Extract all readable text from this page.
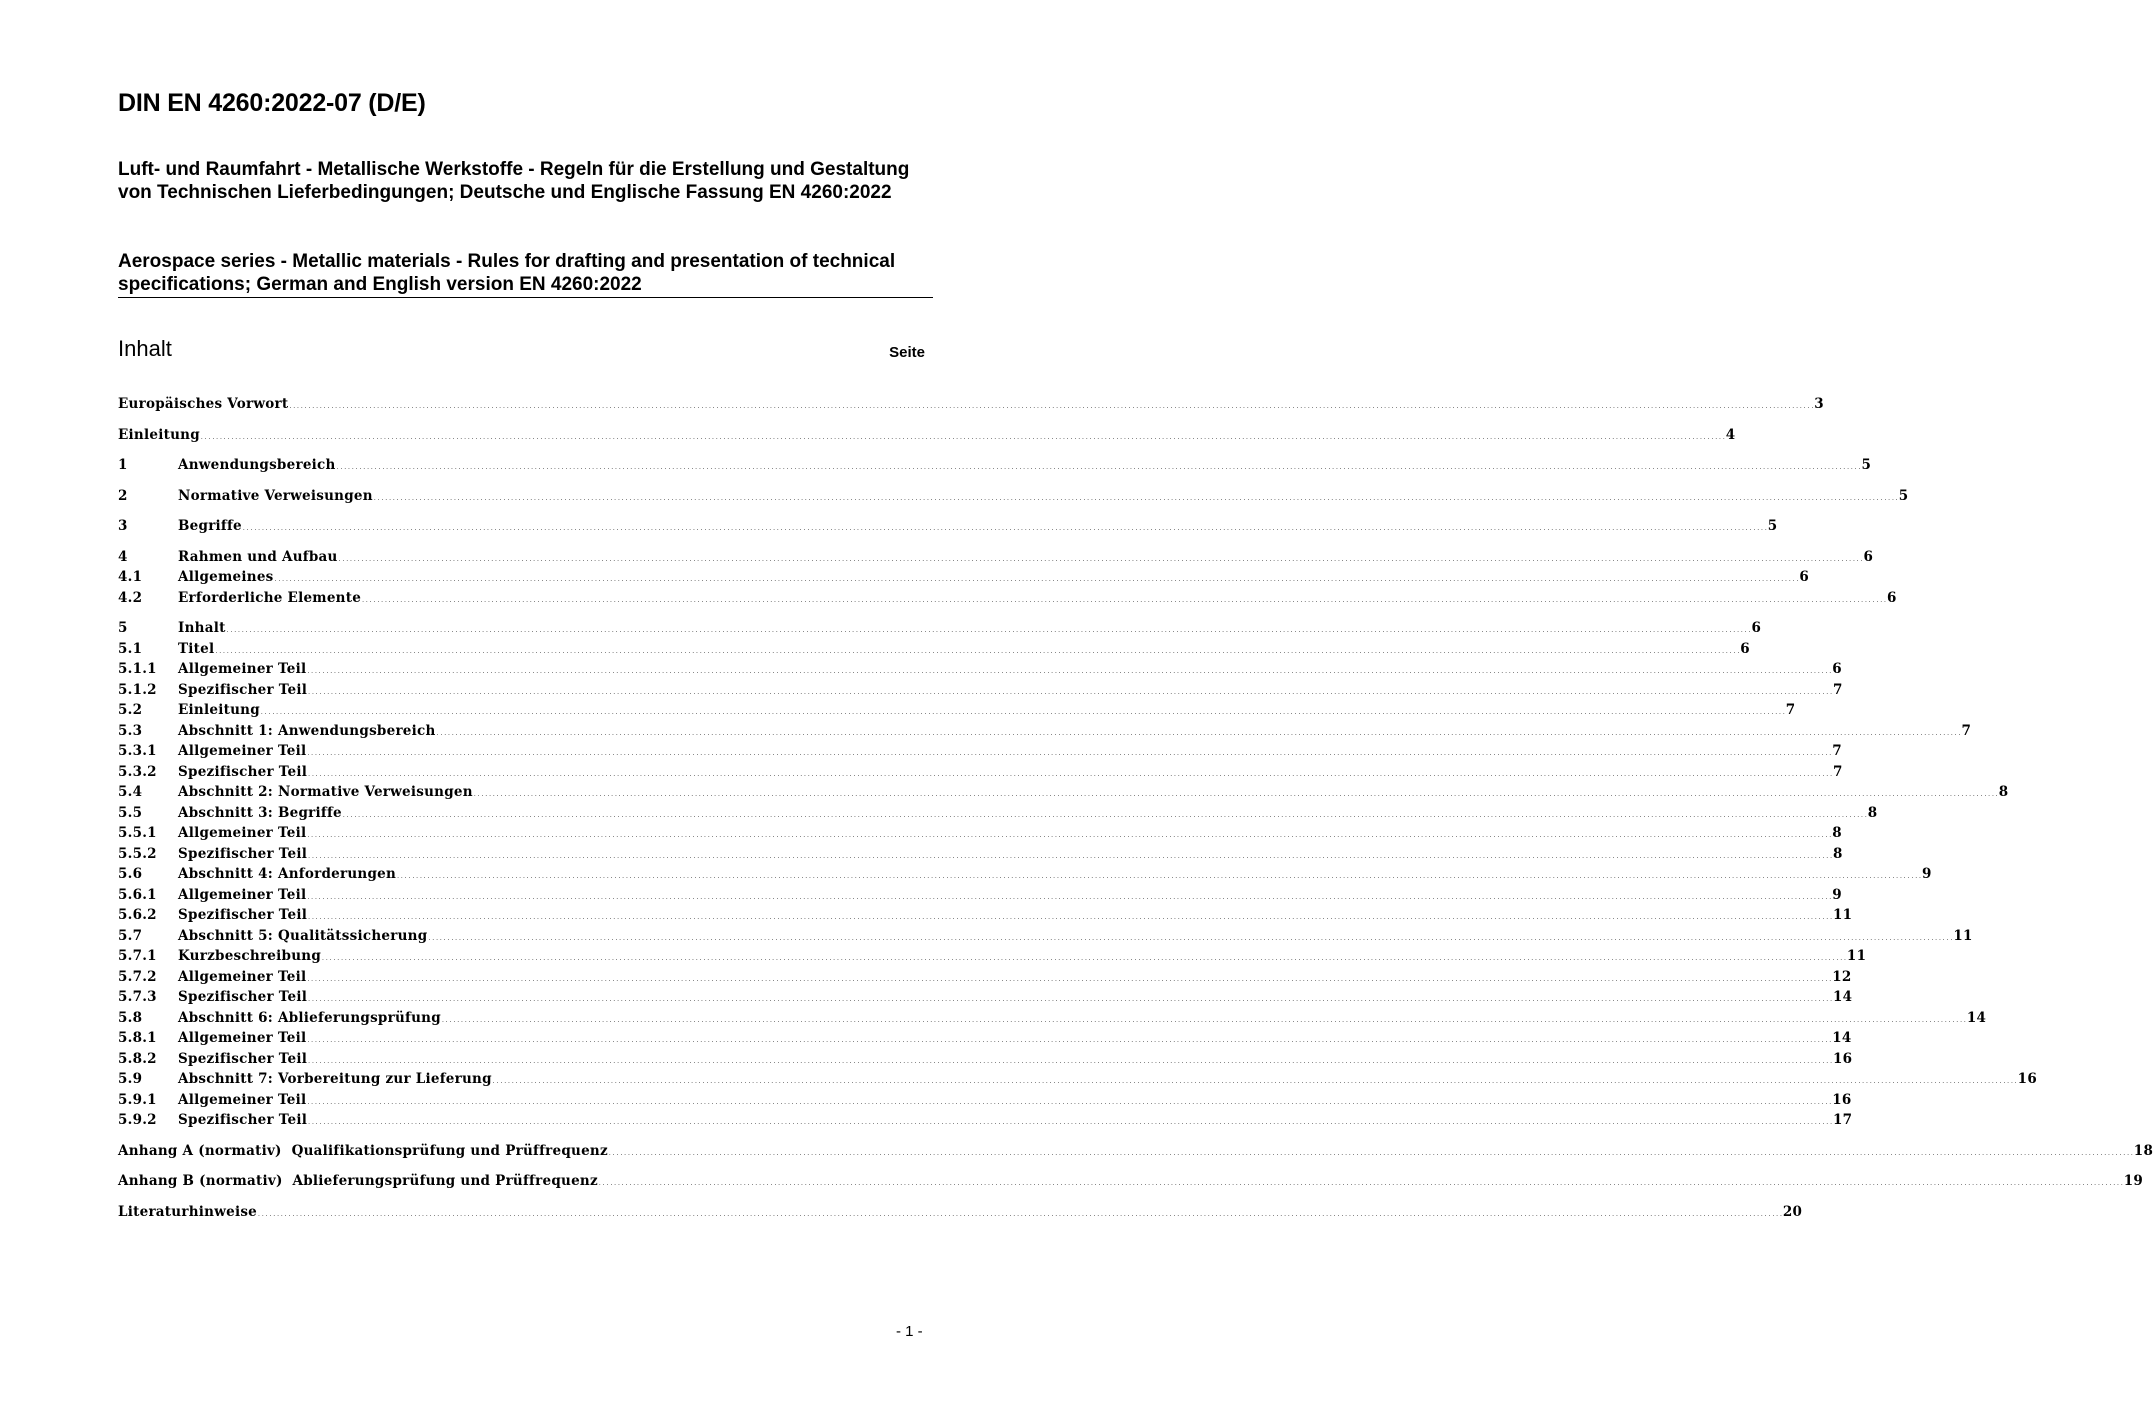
DIN EN 4260:2022-07 (D/E)

Luft- und Raumfahrt - Metallische Werkstoffe - Regeln für die Erstellung und Gestaltung von Technischen Lieferbedingungen; Deutsche und Englische Fassung EN 4260:2022

Aerospace series - Metallic materials - Rules for drafting and presentation of technical specifications; German and English version EN 4260:2022

Inhalt	Seite
Europäisches Vorwort . . . . . . . . . . . . . . . . . . . . . . . . . . . . . . . . . . . . . . . . . . . . . . . . . . . . . . . . . . . . . . . . . . . . . . . . . . . . . . . . . . . . . . . . . . . . . . . . . . . . . . . . . . . . . . . . . . . . . . . . . . . . . . . . . . . . . . . . . . . . . . . . . . . . . . . . . . . . . . . . . . . . . . . . . . . . . . . . . . . . . . . . . . . . . . . . . . . . . . . . . . . . . . . . . . . . . . . . . . . . . . . . . . . . . . . . . . . . . . . . . . . . . . . . . . . . . . . . . . . . . . . . . . . . . . . . . . . . . . . . . . . . . . . . . . . . . . . . . . . . . . . . . . . . . . . . . . . . . . . . . . . . . . . . . . . . . . . . . . . . . . . . . . . . . . . . . . . . . . . . . . . . . . . . . . . . . . . . . . . . . . . . . . . . . . . . . . . . . . . . 3
Einleitung . . . . . . . . . . . . . . . . . . . . . . . . . . . . . . . . . . . . . . . . . . . . . . . . . . . . . . . . . . . . . . . . . . . . . . . . . . . . . . . . . . . . . . . . . . . . . . . . . . . . . . . . . . . . . . . . . . . . . . . . . . . . . . . . . . . . . . . . . . . . . . . . . . . . . . . . . . . . . . . . . . . . . . . . . . . . . . . . . . . . . . . . . . . . . . . . . . . . . . . . . . . . . . . . . . . . . . . . . . . . . . . . . . . . . . . . . . . . . . . . . . . . . . . . . . . . . . . . . . . . . . . . . . . . . . . . . . . . . . . . . . . . . . . . . . . . . . . . . . . . . . . . . . . . . . . . . . . . . . . . . . . . . . . . . . . . . . . . . . . . . . . . . . . . . . . . . . . . . . . . . . . . . . . . . . . . . . . . . . . . . . . . . . . . . . . . . . . . . . . . 4
1	Anwendungsbereich . . . . . . . . . . . . . . . . . . . . . . . . . . . . . . . . . . . . . . . . . . . . . . . . . . . . . . . . . . . . . . . . . . . . . . . . . . . . . . . . . . . . . . . . . . . . . . . . . . . . . . . . . . . . . . . . . . . . . . . . . . . . . . . . . . . . . . . . . . . . . . . . . . . . . . . . . . . . . . . . . . . . . . . . . . . . . . . . . . . . . . . . . . . . . . . . . . . . . . . . . . . . . . . . . . . . . . . . . . . . . . . . . . . . . . . . . . . . . . . . . . . . . . . . . . . . . . . . . . . . . . . . . . . . . . . . . . . . . . . . . . . . . . . . . . . . . . . . . . . . . . . . . . . . . . . . . . . . . . . . . . . . . . . . . . . . . . . . . . . . . . . . . . . . . . . . . . . . . . . . . . . . . . . . . . . . . . . . . . . . . . . . . . . . . . . . . . . . . . . . 5
2	Normative Verweisungen . . . . . . . . . . . . . . . . . . . . . . . . . . . . . . . . . . . . . . . . . . . . . . . . . . . . . . . . . . . . . . . . . . . . . . . . . . . . . . . . . . . . . . . . . . . . . . . . . . . . . . . . . . . . . . . . . . . . . . . . . . . . . . . . . . . . . . . . . . . . . . . . . . . . . . . . . . . . . . . . . . . . . . . . . . . . . . . . . . . . . . . . . . . . . . . . . . . . . . . . . . . . . . . . . . . . . . . . . . . . . . . . . . . . . . . . . . . . . . . . . . . . . . . . . . . . . . . . . . . . . . . . . . . . . . . . . . . . . . . . . . . . . . . . . . . . . . . . . . . . . . . . . . . . . . . . . . . . . . . . . . . . . . . . . . . . . . . . . . . . . . . . . . . . . . . . . . . . . . . . . . . . . . . . . . . . . . . . . . . . . . . . . . . . . . . . . . . . . . . . 5
3	Begriffe . . . . . . . . . . . . . . . . . . . . . . . . . . . . . . . . . . . . . . . . . . . . . . . . . . . . . . . . . . . . . . . . . . . . . . . . . . . . . . . . . . . . . . . . . . . . . . . . . . . . . . . . . . . . . . . . . . . . . . . . . . . . . . . . . . . . . . . . . . . . . . . . . . . . . . . . . . . . . . . . . . . . . . . . . . . . . . . . . . . . . . . . . . . . . . . . . . . . . . . . . . . . . . . . . . . . . . . . . . . . . . . . . . . . . . . . . . . . . . . . . . . . . . . . . . . . . . . . . . . . . . . . . . . . . . . . . . . . . . . . . . . . . . . . . . . . . . . . . . . . . . . . . . . . . . . . . . . . . . . . . . . . . . . . . . . . . . . . . . . . . . . . . . . . . . . . . . . . . . . . . . . . . . . . . . . . . . . . . . . . . . . . . . . . . . . . . . . . . . . . 5
4	Rahmen und Aufbau . . . . . . . . . . . . . . . . . . . . . . . . . . . . . . . . . . . . . . . . . . . . . . . . . . . . . . . . . . . . . . . . . . . . . . . . . . . . . . . . . . . . . . . . . . . . . . . . . . . . . . . . . . . . . . . . . . . . . . . . . . . . . . . . . . . . . . . . . . . . . . . . . . . . . . . . . . . . . . . . . . . . . . . . . . . . . . . . . . . . . . . . . . . . . . . . . . . . . . . . . . . . . . . . . . . . . . . . . . . . . . . . . . . . . . . . . . . . . . . . . . . . . . . . . . . . . . . . . . . . . . . . . . . . . . . . . . . . . . . . . . . . . . . . . . . . . . . . . . . . . . . . . . . . . . . . . . . . . . . . . . . . . . . . . . . . . . . . . . . . . . . . . . . . . . . . . . . . . . . . . . . . . . . . . . . . . . . . . . . . . . . . . . . . . . . . . . . . . . . . 6
4.1	Allgemeines . . . . . . . . . . . . . . . . . . . . . . . . . . . . . . . . . . . . . . . . . . . . . . . . . . . . . . . . . . . . . . . . . . . . . . . . . . . . . . . . . . . . . . . . . . . . . . . . . . . . . . . . . . . . . . . . . . . . . . . . . . . . . . . . . . . . . . . . . . . . . . . . . . . . . . . . . . . . . . . . . . . . . . . . . . . . . . . . . . . . . . . . . . . . . . . . . . . . . . . . . . . . . . . . . . . . . . . . . . . . . . . . . . . . . . . . . . . . . . . . . . . . . . . . . . . . . . . . . . . . . . . . . . . . . . . . . . . . . . . . . . . . . . . . . . . . . . . . . . . . . . . . . . . . . . . . . . . . . . . . . . . . . . . . . . . . . . . . . . . . . . . . . . . . . . . . . . . . . . . . . . . . . . . . . . . . . . . . . . . . . . . . . . . . . . . . . . . . . . . . 6
4.2	Erforderliche Elemente . . . . . . . . . . . . . . . . . . . . . . . . . . . . . . . . . . . . . . . . . . . . . . . . . . . . . . . . . . . . . . . . . . . . . . . . . . . . . . . . . . . . . . . . . . . . . . . . . . . . . . . . . . . . . . . . . . . . . . . . . . . . . . . . . . . . . . . . . . . . . . . . . . . . . . . . . . . . . . . . . . . . . . . . . . . . . . . . . . . . . . . . . . . . . . . . . . . . . . . . . . . . . . . . . . . . . . . . . . . . . . . . . . . . . . . . . . . . . . . . . . . . . . . . . . . . . . . . . . . . . . . . . . . . . . . . . . . . . . . . . . . . . . . . . . . . . . . . . . . . . . . . . . . . . . . . . . . . . . . . . . . . . . . . . . . . . . . . . . . . . . . . . . . . . . . . . . . . . . . . . . . . . . . . . . . . . . . . . . . . . . . . . . . . . . . . . . . . . . . . 6
5	Inhalt . . . . . . . . . . . . . . . . . . . . . . . . . . . . . . . . . . . . . . . . . . . . . . . . . . . . . . . . . . . . . . . . . . . . . . . . . . . . . . . . . . . . . . . . . . . . . . . . . . . . . . . . . . . . . . . . . . . . . . . . . . . . . . . . . . . . . . . . . . . . . . . . . . . . . . . . . . . . . . . . . . . . . . . . . . . . . . . . . . . . . . . . . . . . . . . . . . . . . . . . . . . . . . . . . . . . . . . . . . . . . . . . . . . . . . . . . . . . . . . . . . . . . . . . . . . . . . . . . . . . . . . . . . . . . . . . . . . . . . . . . . . . . . . . . . . . . . . . . . . . . . . . . . . . . . . . . . . . . . . . . . . . . . . . . . . . . . . . . . . . . . . . . . . . . . . . . . . . . . . . . . . . . . . . . . . . . . . . . . . . . . . . . . . . . . . . . . . . . . . . 6
5.1	Titel . . . . . . . . . . . . . . . . . . . . . . . . . . . . . . . . . . . . . . . . . . . . . . . . . . . . . . . . . . . . . . . . . . . . . . . . . . . . . . . . . . . . . . . . . . . . . . . . . . . . . . . . . . . . . . . . . . . . . . . . . . . . . . . . . . . . . . . . . . . . . . . . . . . . . . . . . . . . . . . . . . . . . . . . . . . . . . . . . . . . . . . . . . . . . . . . . . . . . . . . . . . . . . . . . . . . . . . . . . . . . . . . . . . . . . . . . . . . . . . . . . . . . . . . . . . . . . . . . . . . . . . . . . . . . . . . . . . . . . . . . . . . . . . . . . . . . . . . . . . . . . . . . . . . . . . . . . . . . . . . . . . . . . . . . . . . . . . . . . . . . . . . . . . . . . . . . . . . . . . . . . . . . . . . . . . . . . . . . . . . . . . . . . . . . . . . . . . . . . . . 6
5.1.1	Allgemeiner Teil . . . . . . . . . . . . . . . . . . . . . . . . . . . . . . . . . . . . . . . . . . . . . . . . . . . . . . . . . . . . . . . . . . . . . . . . . . . . . . . . . . . . . . . . . . . . . . . . . . . . . . . . . . . . . . . . . . . . . . . . . . . . . . . . . . . . . . . . . . . . . . . . . . . . . . . . . . . . . . . . . . . . . . . . . . . . . . . . . . . . . . . . . . . . . . . . . . . . . . . . . . . . . . . . . . . . . . . . . . . . . . . . . . . . . . . . . . . . . . . . . . . . . . . . . . . . . . . . . . . . . . . . . . . . . . . . . . . . . . . . . . . . . . . . . . . . . . . . . . . . . . . . . . . . . . . . . . . . . . . . . . . . . . . . . . . . . . . . . . . . . . . . . . . . . . . . . . . . . . . . . . . . . . . . . . . . . . . . . . . . . . . . . . . . . . . . . . . . . . . . 6
5.1.2	Spezifischer Teil . . . . . . . . . . . . . . . . . . . . . . . . . . . . . . . . . . . . . . . . . . . . . . . . . . . . . . . . . . . . . . . . . . . . . . . . . . . . . . . . . . . . . . . . . . . . . . . . . . . . . . . . . . . . . . . . . . . . . . . . . . . . . . . . . . . . . . . . . . . . . . . . . . . . . . . . . . . . . . . . . . . . . . . . . . . . . . . . . . . . . . . . . . . . . . . . . . . . . . . . . . . . . . . . . . . . . . . . . . . . . . . . . . . . . . . . . . . . . . . . . . . . . . . . . . . . . . . . . . . . . . . . . . . . . . . . . . . . . . . . . . . . . . . . . . . . . . . . . . . . . . . . . . . . . . . . . . . . . . . . . . . . . . . . . . . . . . . . . . . . . . . . . . . . . . . . . . . . . . . . . . . . . . . . . . . . . . . . . . . . . . . . . . . . . . . . . . . . . . . . 7
5.2	Einleitung . . . . . . . . . . . . . . . . . . . . . . . . . . . . . . . . . . . . . . . . . . . . . . . . . . . . . . . . . . . . . . . . . . . . . . . . . . . . . . . . . . . . . . . . . . . . . . . . . . . . . . . . . . . . . . . . . . . . . . . . . . . . . . . . . . . . . . . . . . . . . . . . . . . . . . . . . . . . . . . . . . . . . . . . . . . . . . . . . . . . . . . . . . . . . . . . . . . . . . . . . . . . . . . . . . . . . . . . . . . . . . . . . . . . . . . . . . . . . . . . . . . . . . . . . . . . . . . . . . . . . . . . . . . . . . . . . . . . . . . . . . . . . . . . . . . . . . . . . . . . . . . . . . . . . . . . . . . . . . . . . . . . . . . . . . . . . . . . . . . . . . . . . . . . . . . . . . . . . . . . . . . . . . . . . . . . . . . . . . . . . . . . . . . . . . . . . . . . . . . . 7
5.3	Abschnitt 1: Anwendungsbereich . . . . . . . . . . . . . . . . . . . . . . . . . . . . . . . . . . . . . . . . . . . . . . . . . . . . . . . . . . . . . . . . . . . . . . . . . . . . . . . . . . . . . . . . . . . . . . . . . . . . . . . . . . . . . . . . . . . . . . . . . . . . . . . . . . . . . . . . . . . . . . . . . . . . . . . . . . . . . . . . . . . . . . . . . . . . . . . . . . . . . . . . . . . . . . . . . . . . . . . . . . . . . . . . . . . . . . . . . . . . . . . . . . . . . . . . . . . . . . . . . . . . . . . . . . . . . . . . . . . . . . . . . . . . . . . . . . . . . . . . . . . . . . . . . . . . . . . . . . . . . . . . . . . . . . . . . . . . . . . . . . . . . . . . . . . . . . . . . . . . . . . . . . . . . . . . . . . . . . . . . . . . . . . . . . . . . . . . . . . . . . . . . . . . . . . . . . . . . . . . 7
5.3.1	Allgemeiner Teil . . . . . . . . . . . . . . . . . . . . . . . . . . . . . . . . . . . . . . . . . . . . . . . . . . . . . . . . . . . . . . . . . . . . . . . . . . . . . . . . . . . . . . . . . . . . . . . . . . . . . . . . . . . . . . . . . . . . . . . . . . . . . . . . . . . . . . . . . . . . . . . . . . . . . . . . . . . . . . . . . . . . . . . . . . . . . . . . . . . . . . . . . . . . . . . . . . . . . . . . . . . . . . . . . . . . . . . . . . . . . . . . . . . . . . . . . . . . . . . . . . . . . . . . . . . . . . . . . . . . . . . . . . . . . . . . . . . . . . . . . . . . . . . . . . . . . . . . . . . . . . . . . . . . . . . . . . . . . . . . . . . . . . . . . . . . . . . . . . . . . . . . . . . . . . . . . . . . . . . . . . . . . . . . . . . . . . . . . . . . . . . . . . . . . . . . . . . . . . . . 7
5.3.2	Spezifischer Teil . . . . . . . . . . . . . . . . . . . . . . . . . . . . . . . . . . . . . . . . . . . . . . . . . . . . . . . . . . . . . . . . . . . . . . . . . . . . . . . . . . . . . . . . . . . . . . . . . . . . . . . . . . . . . . . . . . . . . . . . . . . . . . . . . . . . . . . . . . . . . . . . . . . . . . . . . . . . . . . . . . . . . . . . . . . . . . . . . . . . . . . . . . . . . . . . . . . . . . . . . . . . . . . . . . . . . . . . . . . . . . . . . . . . . . . . . . . . . . . . . . . . . . . . . . . . . . . . . . . . . . . . . . . . . . . . . . . . . . . . . . . . . . . . . . . . . . . . . . . . . . . . . . . . . . . . . . . . . . . . . . . . . . . . . . . . . . . . . . . . . . . . . . . . . . . . . . . . . . . . . . . . . . . . . . . . . . . . . . . . . . . . . . . . . . . . . . . . . . . . 7
5.4	Abschnitt 2: Normative Verweisungen . . . . . . . . . . . . . . . . . . . . . . . . . . . . . . . . . . . . . . . . . . . . . . . . . . . . . . . . . . . . . . . . . . . . . . . . . . . . . . . . . . . . . . . . . . . . . . . . . . . . . . . . . . . . . . . . . . . . . . . . . . . . . . . . . . . . . . . . . . . . . . . . . . . . . . . . . . . . . . . . . . . . . . . . . . . . . . . . . . . . . . . . . . . . . . . . . . . . . . . . . . . . . . . . . . . . . . . . . . . . . . . . . . . . . . . . . . . . . . . . . . . . . . . . . . . . . . . . . . . . . . . . . . . . . . . . . . . . . . . . . . . . . . . . . . . . . . . . . . . . . . . . . . . . . . . . . . . . . . . . . . . . . . . . . . . . . . . . . . . . . . . . . . . . . . . . . . . . . . . . . . . . . . . . . . . . . . . . . . . . . . . . . . . . . . . . . . . . . . . . 8
5.5	Abschnitt 3: Begriffe . . . . . . . . . . . . . . . . . . . . . . . . . . . . . . . . . . . . . . . . . . . . . . . . . . . . . . . . . . . . . . . . . . . . . . . . . . . . . . . . . . . . . . . . . . . . . . . . . . . . . . . . . . . . . . . . . . . . . . . . . . . . . . . . . . . . . . . . . . . . . . . . . . . . . . . . . . . . . . . . . . . . . . . . . . . . . . . . . . . . . . . . . . . . . . . . . . . . . . . . . . . . . . . . . . . . . . . . . . . . . . . . . . . . . . . . . . . . . . . . . . . . . . . . . . . . . . . . . . . . . . . . . . . . . . . . . . . . . . . . . . . . . . . . . . . . . . . . . . . . . . . . . . . . . . . . . . . . . . . . . . . . . . . . . . . . . . . . . . . . . . . . . . . . . . . . . . . . . . . . . . . . . . . . . . . . . . . . . . . . . . . . . . . . . . . . . . . . . . . . 8
5.5.1	Allgemeiner Teil . . . . . . . . . . . . . . . . . . . . . . . . . . . . . . . . . . . . . . . . . . . . . . . . . . . . . . . . . . . . . . . . . . . . . . . . . . . . . . . . . . . . . . . . . . . . . . . . . . . . . . . . . . . . . . . . . . . . . . . . . . . . . . . . . . . . . . . . . . . . . . . . . . . . . . . . . . . . . . . . . . . . . . . . . . . . . . . . . . . . . . . . . . . . . . . . . . . . . . . . . . . . . . . . . . . . . . . . . . . . . . . . . . . . . . . . . . . . . . . . . . . . . . . . . . . . . . . . . . . . . . . . . . . . . . . . . . . . . . . . . . . . . . . . . . . . . . . . . . . . . . . . . . . . . . . . . . . . . . . . . . . . . . . . . . . . . . . . . . . . . . . . . . . . . . . . . . . . . . . . . . . . . . . . . . . . . . . . . . . . . . . . . . . . . . . . . . . . . . . . 8
5.5.2	Spezifischer Teil . . . . . . . . . . . . . . . . . . . . . . . . . . . . . . . . . . . . . . . . . . . . . . . . . . . . . . . . . . . . . . . . . . . . . . . . . . . . . . . . . . . . . . . . . . . . . . . . . . . . . . . . . . . . . . . . . . . . . . . . . . . . . . . . . . . . . . . . . . . . . . . . . . . . . . . . . . . . . . . . . . . . . . . . . . . . . . . . . . . . . . . . . . . . . . . . . . . . . . . . . . . . . . . . . . . . . . . . . . . . . . . . . . . . . . . . . . . . . . . . . . . . . . . . . . . . . . . . . . . . . . . . . . . . . . . . . . . . . . . . . . . . . . . . . . . . . . . . . . . . . . . . . . . . . . . . . . . . . . . . . . . . . . . . . . . . . . . . . . . . . . . . . . . . . . . . . . . . . . . . . . . . . . . . . . . . . . . . . . . . . . . . . . . . . . . . . . . . . . . . 8
5.6	Abschnitt 4: Anforderungen . . . . . . . . . . . . . . . . . . . . . . . . . . . . . . . . . . . . . . . . . . . . . . . . . . . . . . . . . . . . . . . . . . . . . . . . . . . . . . . . . . . . . . . . . . . . . . . . . . . . . . . . . . . . . . . . . . . . . . . . . . . . . . . . . . . . . . . . . . . . . . . . . . . . . . . . . . . . . . . . . . . . . . . . . . . . . . . . . . . . . . . . . . . . . . . . . . . . . . . . . . . . . . . . . . . . . . . . . . . . . . . . . . . . . . . . . . . . . . . . . . . . . . . . . . . . . . . . . . . . . . . . . . . . . . . . . . . . . . . . . . . . . . . . . . . . . . . . . . . . . . . . . . . . . . . . . . . . . . . . . . . . . . . . . . . . . . . . . . . . . . . . . . . . . . . . . . . . . . . . . . . . . . . . . . . . . . . . . . . . . . . . . . . . . . . . . . . . . . . . 9
5.6.1	Allgemeiner Teil . . . . . . . . . . . . . . . . . . . . . . . . . . . . . . . . . . . . . . . . . . . . . . . . . . . . . . . . . . . . . . . . . . . . . . . . . . . . . . . . . . . . . . . . . . . . . . . . . . . . . . . . . . . . . . . . . . . . . . . . . . . . . . . . . . . . . . . . . . . . . . . . . . . . . . . . . . . . . . . . . . . . . . . . . . . . . . . . . . . . . . . . . . . . . . . . . . . . . . . . . . . . . . . . . . . . . . . . . . . . . . . . . . . . . . . . . . . . . . . . . . . . . . . . . . . . . . . . . . . . . . . . . . . . . . . . . . . . . . . . . . . . . . . . . . . . . . . . . . . . . . . . . . . . . . . . . . . . . . . . . . . . . . . . . . . . . . . . . . . . . . . . . . . . . . . . . . . . . . . . . . . . . . . . . . . . . . . . . . . . . . . . . . . . . . . . . . . . . . . . 9
5.6.2	Spezifischer Teil . . . . . . . . . . . . . . . . . . . . . . . . . . . . . . . . . . . . . . . . . . . . . . . . . . . . . . . . . . . . . . . . . . . . . . . . . . . . . . . . . . . . . . . . . . . . . . . . . . . . . . . . . . . . . . . . . . . . . . . . . . . . . . . . . . . . . . . . . . . . . . . . . . . . . . . . . . . . . . . . . . . . . . . . . . . . . . . . . . . . . . . . . . . . . . . . . . . . . . . . . . . . . . . . . . . . . . . . . . . . . . . . . . . . . . . . . . . . . . . . . . . . . . . . . . . . . . . . . . . . . . . . . . . . . . . . . . . . . . . . . . . . . . . . . . . . . . . . . . . . . . . . . . . . . . . . . . . . . . . . . . . . . . . . . . . . . . . . . . . . . . . . . . . . . . . . . . . . . . . . . . . . . . . . . . . . . . . . . . . . . . . . . . . . . . . . . . . . . . . . 11
5.7	Abschnitt 5: Qualitätssicherung . . . . . . . . . . . . . . . . . . . . . . . . . . . . . . . . . . . . . . . . . . . . . . . . . . . . . . . . . . . . . . . . . . . . . . . . . . . . . . . . . . . . . . . . . . . . . . . . . . . . . . . . . . . . . . . . . . . . . . . . . . . . . . . . . . . . . . . . . . . . . . . . . . . . . . . . . . . . . . . . . . . . . . . . . . . . . . . . . . . . . . . . . . . . . . . . . . . . . . . . . . . . . . . . . . . . . . . . . . . . . . . . . . . . . . . . . . . . . . . . . . . . . . . . . . . . . . . . . . . . . . . . . . . . . . . . . . . . . . . . . . . . . . . . . . . . . . . . . . . . . . . . . . . . . . . . . . . . . . . . . . . . . . . . . . . . . . . . . . . . . . . . . . . . . . . . . . . . . . . . . . . . . . . . . . . . . . . . . . . . . . . . . . . . . . . . . . . . . . . . 11
5.7.1	Kurzbeschreibung . . . . . . . . . . . . . . . . . . . . . . . . . . . . . . . . . . . . . . . . . . . . . . . . . . . . . . . . . . . . . . . . . . . . . . . . . . . . . . . . . . . . . . . . . . . . . . . . . . . . . . . . . . . . . . . . . . . . . . . . . . . . . . . . . . . . . . . . . . . . . . . . . . . . . . . . . . . . . . . . . . . . . . . . . . . . . . . . . . . . . . . . . . . . . . . . . . . . . . . . . . . . . . . . . . . . . . . . . . . . . . . . . . . . . . . . . . . . . . . . . . . . . . . . . . . . . . . . . . . . . . . . . . . . . . . . . . . . . . . . . . . . . . . . . . . . . . . . . . . . . . . . . . . . . . . . . . . . . . . . . . . . . . . . . . . . . . . . . . . . . . . . . . . . . . . . . . . . . . . . . . . . . . . . . . . . . . . . . . . . . . . . . . . . . . . . . . . . . . . . 11
5.7.2	Allgemeiner Teil . . . . . . . . . . . . . . . . . . . . . . . . . . . . . . . . . . . . . . . . . . . . . . . . . . . . . . . . . . . . . . . . . . . . . . . . . . . . . . . . . . . . . . . . . . . . . . . . . . . . . . . . . . . . . . . . . . . . . . . . . . . . . . . . . . . . . . . . . . . . . . . . . . . . . . . . . . . . . . . . . . . . . . . . . . . . . . . . . . . . . . . . . . . . . . . . . . . . . . . . . . . . . . . . . . . . . . . . . . . . . . . . . . . . . . . . . . . . . . . . . . . . . . . . . . . . . . . . . . . . . . . . . . . . . . . . . . . . . . . . . . . . . . . . . . . . . . . . . . . . . . . . . . . . . . . . . . . . . . . . . . . . . . . . . . . . . . . . . . . . . . . . . . . . . . . . . . . . . . . . . . . . . . . . . . . . . . . . . . . . . . . . . . . . . . . . . . . . . . . . 12
5.7.3	Spezifischer Teil . . . . . . . . . . . . . . . . . . . . . . . . . . . . . . . . . . . . . . . . . . . . . . . . . . . . . . . . . . . . . . . . . . . . . . . . . . . . . . . . . . . . . . . . . . . . . . . . . . . . . . . . . . . . . . . . . . . . . . . . . . . . . . . . . . . . . . . . . . . . . . . . . . . . . . . . . . . . . . . . . . . . . . . . . . . . . . . . . . . . . . . . . . . . . . . . . . . . . . . . . . . . . . . . . . . . . . . . . . . . . . . . . . . . . . . . . . . . . . . . . . . . . . . . . . . . . . . . . . . . . . . . . . . . . . . . . . . . . . . . . . . . . . . . . . . . . . . . . . . . . . . . . . . . . . . . . . . . . . . . . . . . . . . . . . . . . . . . . . . . . . . . . . . . . . . . . . . . . . . . . . . . . . . . . . . . . . . . . . . . . . . . . . . . . . . . . . . . . . . . 14
5.8	Abschnitt 6: Ablieferungsprüfung . . . . . . . . . . . . . . . . . . . . . . . . . . . . . . . . . . . . . . . . . . . . . . . . . . . . . . . . . . . . . . . . . . . . . . . . . . . . . . . . . . . . . . . . . . . . . . . . . . . . . . . . . . . . . . . . . . . . . . . . . . . . . . . . . . . . . . . . . . . . . . . . . . . . . . . . . . . . . . . . . . . . . . . . . . . . . . . . . . . . . . . . . . . . . . . . . . . . . . . . . . . . . . . . . . . . . . . . . . . . . . . . . . . . . . . . . . . . . . . . . . . . . . . . . . . . . . . . . . . . . . . . . . . . . . . . . . . . . . . . . . . . . . . . . . . . . . . . . . . . . . . . . . . . . . . . . . . . . . . . . . . . . . . . . . . . . . . . . . . . . . . . . . . . . . . . . . . . . . . . . . . . . . . . . . . . . . . . . . . . . . . . . . . . . . . . . . . . . . . . 14
5.8.1	Allgemeiner Teil . . . . . . . . . . . . . . . . . . . . . . . . . . . . . . . . . . . . . . . . . . . . . . . . . . . . . . . . . . . . . . . . . . . . . . . . . . . . . . . . . . . . . . . . . . . . . . . . . . . . . . . . . . . . . . . . . . . . . . . . . . . . . . . . . . . . . . . . . . . . . . . . . . . . . . . . . . . . . . . . . . . . . . . . . . . . . . . . . . . . . . . . . . . . . . . . . . . . . . . . . . . . . . . . . . . . . . . . . . . . . . . . . . . . . . . . . . . . . . . . . . . . . . . . . . . . . . . . . . . . . . . . . . . . . . . . . . . . . . . . . . . . . . . . . . . . . . . . . . . . . . . . . . . . . . . . . . . . . . . . . . . . . . . . . . . . . . . . . . . . . . . . . . . . . . . . . . . . . . . . . . . . . . . . . . . . . . . . . . . . . . . . . . . . . . . . . . . . . . . . 14
5.8.2	Spezifischer Teil . . . . . . . . . . . . . . . . . . . . . . . . . . . . . . . . . . . . . . . . . . . . . . . . . . . . . . . . . . . . . . . . . . . . . . . . . . . . . . . . . . . . . . . . . . . . . . . . . . . . . . . . . . . . . . . . . . . . . . . . . . . . . . . . . . . . . . . . . . . . . . . . . . . . . . . . . . . . . . . . . . . . . . . . . . . . . . . . . . . . . . . . . . . . . . . . . . . . . . . . . . . . . . . . . . . . . . . . . . . . . . . . . . . . . . . . . . . . . . . . . . . . . . . . . . . . . . . . . . . . . . . . . . . . . . . . . . . . . . . . . . . . . . . . . . . . . . . . . . . . . . . . . . . . . . . . . . . . . . . . . . . . . . . . . . . . . . . . . . . . . . . . . . . . . . . . . . . . . . . . . . . . . . . . . . . . . . . . . . . . . . . . . . . . . . . . . . . . . . . . 16
5.9	Abschnitt 7: Vorbereitung zur Lieferung . . . . . . . . . . . . . . . . . . . . . . . . . . . . . . . . . . . . . . . . . . . . . . . . . . . . . . . . . . . . . . . . . . . . . . . . . . . . . . . . . . . . . . . . . . . . . . . . . . . . . . . . . . . . . . . . . . . . . . . . . . . . . . . . . . . . . . . . . . . . . . . . . . . . . . . . . . . . . . . . . . . . . . . . . . . . . . . . . . . . . . . . . . . . . . . . . . . . . . . . . . . . . . . . . . . . . . . . . . . . . . . . . . . . . . . . . . . . . . . . . . . . . . . . . . . . . . . . . . . . . . . . . . . . . . . . . . . . . . . . . . . . . . . . . . . . . . . . . . . . . . . . . . . . . . . . . . . . . . . . . . . . . . . . . . . . . . . . . . . . . . . . . . . . . . . . . . . . . . . . . . . . . . . . . . . . . . . . . . . . . . . . . . . . . . . . . . . . . . . . 16
5.9.1	Allgemeiner Teil . . . . . . . . . . . . . . . . . . . . . . . . . . . . . . . . . . . . . . . . . . . . . . . . . . . . . . . . . . . . . . . . . . . . . . . . . . . . . . . . . . . . . . . . . . . . . . . . . . . . . . . . . . . . . . . . . . . . . . . . . . . . . . . . . . . . . . . . . . . . . . . . . . . . . . . . . . . . . . . . . . . . . . . . . . . . . . . . . . . . . . . . . . . . . . . . . . . . . . . . . . . . . . . . . . . . . . . . . . . . . . . . . . . . . . . . . . . . . . . . . . . . . . . . . . . . . . . . . . . . . . . . . . . . . . . . . . . . . . . . . . . . . . . . . . . . . . . . . . . . . . . . . . . . . . . . . . . . . . . . . . . . . . . . . . . . . . . . . . . . . . . . . . . . . . . . . . . . . . . . . . . . . . . . . . . . . . . . . . . . . . . . . . . . . . . . . . . . . . . . 16
5.9.2	Spezifischer Teil . . . . . . . . . . . . . . . . . . . . . . . . . . . . . . . . . . . . . . . . . . . . . . . . . . . . . . . . . . . . . . . . . . . . . . . . . . . . . . . . . . . . . . . . . . . . . . . . . . . . . . . . . . . . . . . . . . . . . . . . . . . . . . . . . . . . . . . . . . . . . . . . . . . . . . . . . . . . . . . . . . . . . . . . . . . . . . . . . . . . . . . . . . . . . . . . . . . . . . . . . . . . . . . . . . . . . . . . . . . . . . . . . . . . . . . . . . . . . . . . . . . . . . . . . . . . . . . . . . . . . . . . . . . . . . . . . . . . . . . . . . . . . . . . . . . . . . . . . . . . . . . . . . . . . . . . . . . . . . . . . . . . . . . . . . . . . . . . . . . . . . . . . . . . . . . . . . . . . . . . . . . . . . . . . . . . . . . . . . . . . . . . . . . . . . . . . . . . . . . . 17
Anhang A (normativ)  Qualifikationsprüfung und Prüffrequenz . . . . . . . . . . . . . . . . . . . . . . . . . . . . . . . . . . . . . . . . . . . . . . . . . . . . . . . . . . . . . . . . . . . . . . . . . . . . . . . . . . . . . . . . . . . . . . . . . . . . . . . . . . . . . . . . . . . . . . . . . . . . . . . . . . . . . . . . . . . . . . . . . . . . . . . . . . . . . . . . . . . . . . . . . . . . . . . . . . . . . . . . . . . . . . . . . . . . . . . . . . . . . . . . . . . . . . . . . . . . . . . . . . . . . . . . . . . . . . . . . . . . . . . . . . . . . . . . . . . . . . . . . . . . . . . . . . . . . . . . . . . . . . . . . . . . . . . . . . . . . . . . . . . . . . . . . . . . . . . . . . . . . . . . . . . . . . . . . . . . . . . . . . . . . . . . . . . . . . . . . . . . . . . . . . . . . . . . . . . . . . . . . . . . . . . . . . . . . . . . 18
Anhang B (normativ)  Ablieferungsprüfung und Prüffrequenz . . . . . . . . . . . . . . . . . . . . . . . . . . . . . . . . . . . . . . . . . . . . . . . . . . . . . . . . . . . . . . . . . . . . . . . . . . . . . . . . . . . . . . . . . . . . . . . . . . . . . . . . . . . . . . . . . . . . . . . . . . . . . . . . . . . . . . . . . . . . . . . . . . . . . . . . . . . . . . . . . . . . . . . . . . . . . . . . . . . . . . . . . . . . . . . . . . . . . . . . . . . . . . . . . . . . . . . . . . . . . . . . . . . . . . . . . . . . . . . . . . . . . . . . . . . . . . . . . . . . . . . . . . . . . . . . . . . . . . . . . . . . . . . . . . . . . . . . . . . . . . . . . . . . . . . . . . . . . . . . . . . . . . . . . . . . . . . . . . . . . . . . . . . . . . . . . . . . . . . . . . . . . . . . . . . . . . . . . . . . . . . . . . . . . . . . . . . . . . . . 19
Literaturhinweise . . . . . . . . . . . . . . . . . . . . . . . . . . . . . . . . . . . . . . . . . . . . . . . . . . . . . . . . . . . . . . . . . . . . . . . . . . . . . . . . . . . . . . . . . . . . . . . . . . . . . . . . . . . . . . . . . . . . . . . . . . . . . . . . . . . . . . . . . . . . . . . . . . . . . . . . . . . . . . . . . . . . . . . . . . . . . . . . . . . . . . . . . . . . . . . . . . . . . . . . . . . . . . . . . . . . . . . . . . . . . . . . . . . . . . . . . . . . . . . . . . . . . . . . . . . . . . . . . . . . . . . . . . . . . . . . . . . . . . . . . . . . . . . . . . . . . . . . . . . . . . . . . . . . . . . . . . . . . . . . . . . . . . . . . . . . . . . . . . . . . . . . . . . . . . . . . . . . . . . . . . . . . . . . . . . . . . . . . . . . . . . . . . . . . . . . . . . . . . . . 20
- 1 -
